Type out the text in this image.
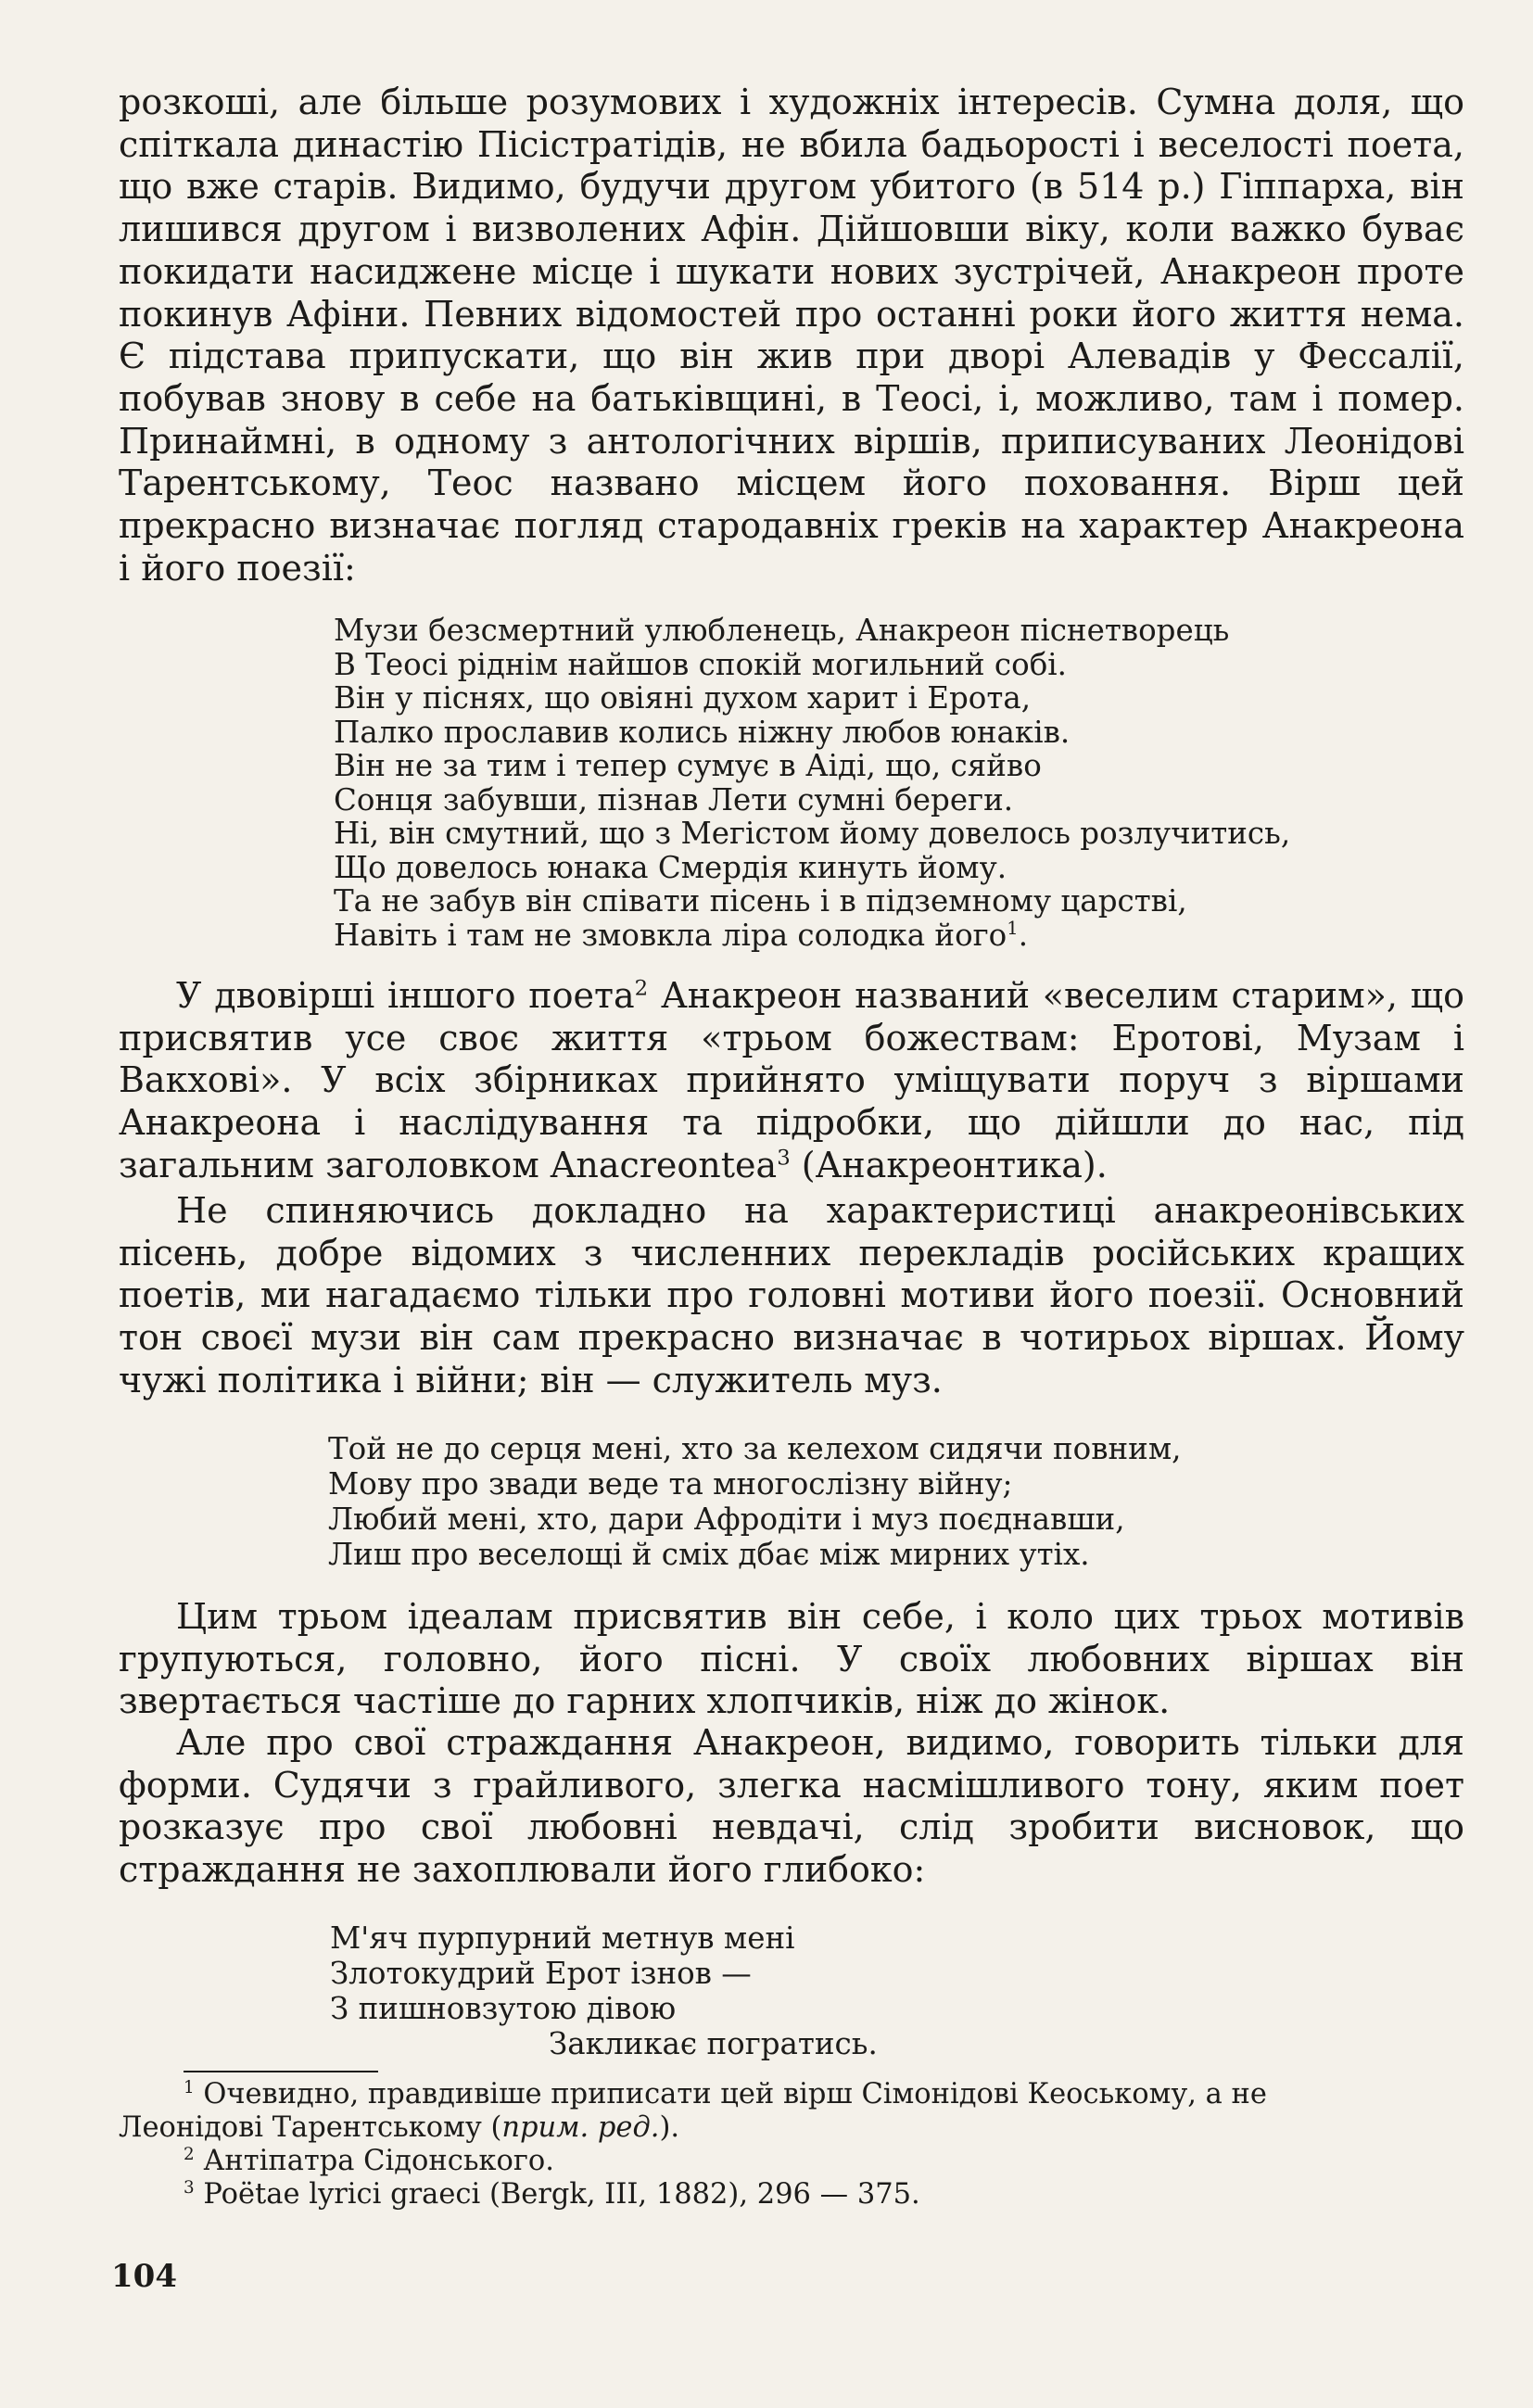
розкоші, але більше розумових і художніх інтересів. Сумна доля, що спіткала династію Пісістратідів, не вбила бадьорості і веселості поета, що вже старів. Видимо, будучи другом убитого (в 514 р.) Гіппарха, він лишився другом і визволених Афін. Дійшовши віку, коли важко буває покидати насиджене місце і шукати нових зустрічей, Анакреон проте покинув Афіни. Певних відомостей про останні роки його життя нема. Є підстава припускати, що він жив при дворі Алевадів у Фессалії, побував знову в себе на батьківщині, в Теосі, і, можливо, там і помер. Принаймні, в одному з антологічних віршів, приписуваних Леонідові Тарентському, Теос названо місцем його поховання. Вірш цей прекрасно визначає погляд стародавніх греків на характер Анакреона і його поезії:

Музи безсмертний улюбленець, Анакреон піснетворець
В Теосі ріднім найшов спокій могильний собі.
Він у піснях, що овіяні духом харит і Ерота,
Палко прославив колись ніжну любов юнаків.
Він не за тим і тепер сумує в Аіді, що, сяйво
Сонця забувши, пізнав Лети сумні береги.
Ні, він смутний, що з Мегістом йому довелось розлучитись,
Що довелось юнака Смердія кинуть йому.
Та не забув він співати пісень і в підземному царстві,
Навіть і там не змовкла ліра солодка його$^1$.

У двовірші іншого поета$^2$ Анакреон названий «веселим старим», що присвятив усе своє життя «трьом божествам: Еротові, Музам і Вакхові». У всіх збірниках прийнято уміщувати поруч з віршами Анакреона і наслідування та підробки, що дійшли до нас, під загальним заголовком Anacreontea$^3$ (Анакреонтика).

Не спиняючись докладно на характеристиці анакреонівських пісень, добре відомих з численних перекладів російських кращих поетів, ми нагадаємо тільки про головні мотиви його поезії. Основний тон своєї музи він сам прекрасно визначає в чотирьох віршах. Йому чужі політика і війни; він — служитель муз.

Той не до серця мені, хто за келехом сидячи повним,
Мову про звади веде та многослізну війну;
Любий мені, хто, дари Афродіти і муз поєднавши,
Лиш про веселощі й сміх дбає між мирних утіх.

Цим трьом ідеалам присвятив він себе, і коло цих трьох мотивів групуються, головно, його пісні. У своїх любовних віршах він звертається частіше до гарних хлопчиків, ніж до жінок.

Але про свої страждання Анакреон, видимо, говорить тільки для форми. Судячи з грайливого, злегка насмішливого тону, яким поет розказує про свої любовні невдачі, слід зробити висновок, що страждання не захоплювали його глибоко:

М'яч пурпурний метнув мені
Злотокудрий Ерот ізнов —
З пишновзутою дівою
Закликає погратись.
$^1$ Очевидно, правдивіше приписати цей вірш Сімонідові Кеоському, а не
Леонідові Тарентському (прим. ред.).
$^2$ Антіпатра Сідонського.
$^3$ Poëtae lyrici graeci (Bergk, III, 1882), 296 — 375.
104
